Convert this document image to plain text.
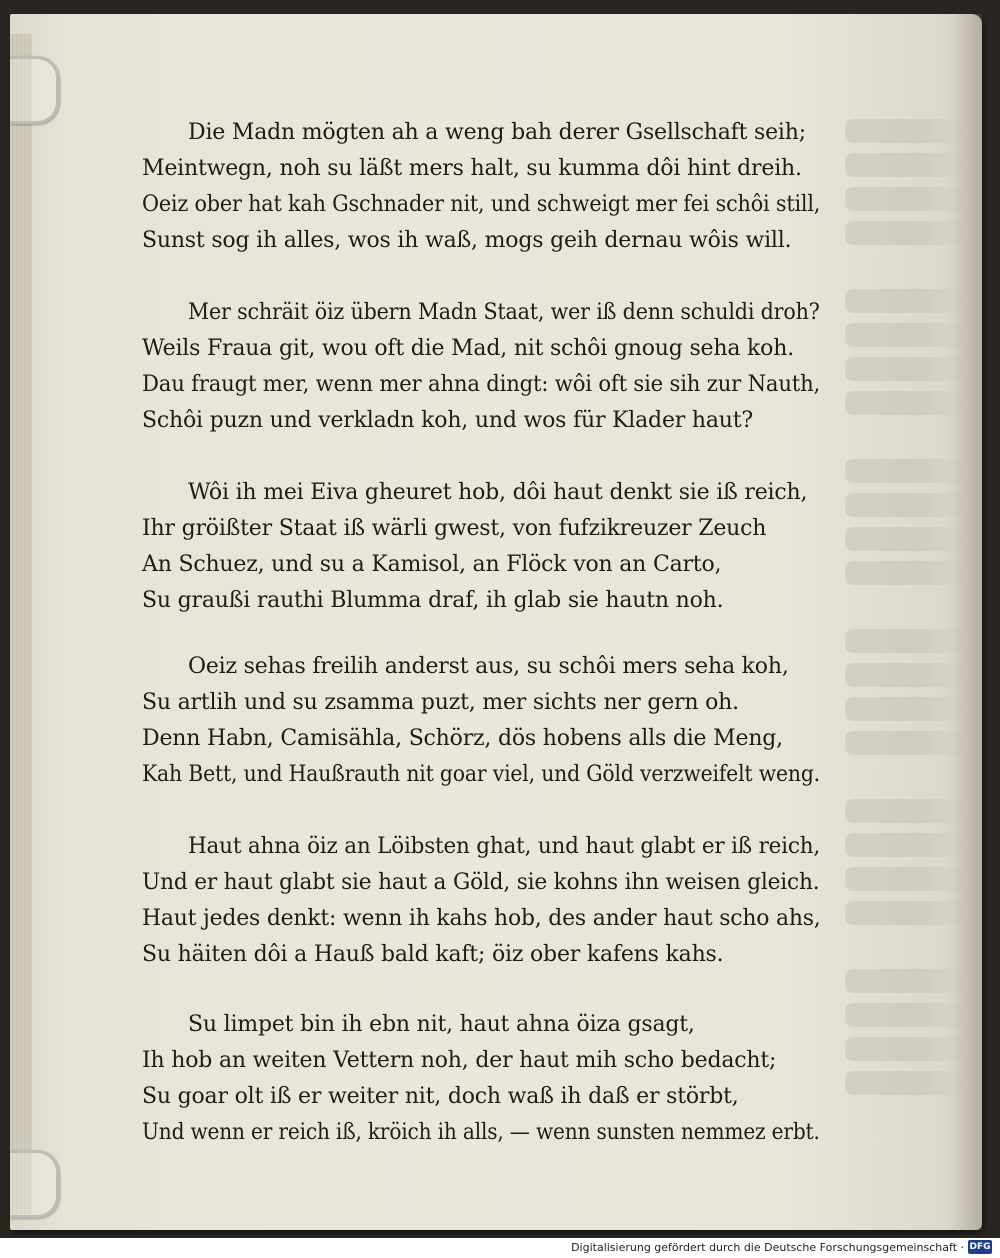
Die Madn mögten ah a weng bah derer Gsellschaft seih;
Meintwegn, noh su läßt mers halt, su kumma dôi hint dreih.
Oeiz ober hat kah Gschnader nit, und schweigt mer fei schôi still,
Sunst sog ih alles, wos ih waß, mogs geih dernau wôis will.
Mer schräit öiz übern Madn Staat, wer iß denn schuldi droh?
Weils Fraua git, wou oft die Mad, nit schôi gnoug seha koh.
Dau fraugt mer, wenn mer ahna dingt: wôi oft sie sih zur Nauth,
Schôi puzn und verkladn koh, und wos für Klader haut?
Wôi ih mei Eiva gheuret hob, dôi haut denkt sie iß reich,
Ihr gröißter Staat iß wärli gwest, von fufzikreuzer Zeuch
An Schuez, und su a Kamisol, an Flöck von an Carto,
Su graußi rauthi Blumma draf, ih glab sie hautn noh.
Oeiz sehas freilih anderst aus, su schôi mers seha koh,
Su artlih und su zsamma puzt, mer sichts ner gern oh.
Denn Habn, Camisähla, Schörz, dös hobens alls die Meng,
Kah Bett, und Haußrauth nit goar viel, und Göld verzweifelt weng.
Haut ahna öiz an Löibsten ghat, und haut glabt er iß reich,
Und er haut glabt sie haut a Göld, sie kohns ihn weisen gleich.
Haut jedes denkt: wenn ih kahs hob, des ander haut scho ahs,
Su häiten dôi a Hauß bald kaft; öiz ober kafens kahs.
Su limpet bin ih ebn nit, haut ahna öiza gsagt,
Ih hob an weiten Vettern noh, der haut mih scho bedacht;
Su goar olt iß er weiter nit, doch waß ih daß er störbt,
Und wenn er reich iß, kröich ih alls, — wenn sunsten nemmez erbt.
Digitalisierung gefördert durch die Deutsche Forschungsgemeinschaft · DFG
